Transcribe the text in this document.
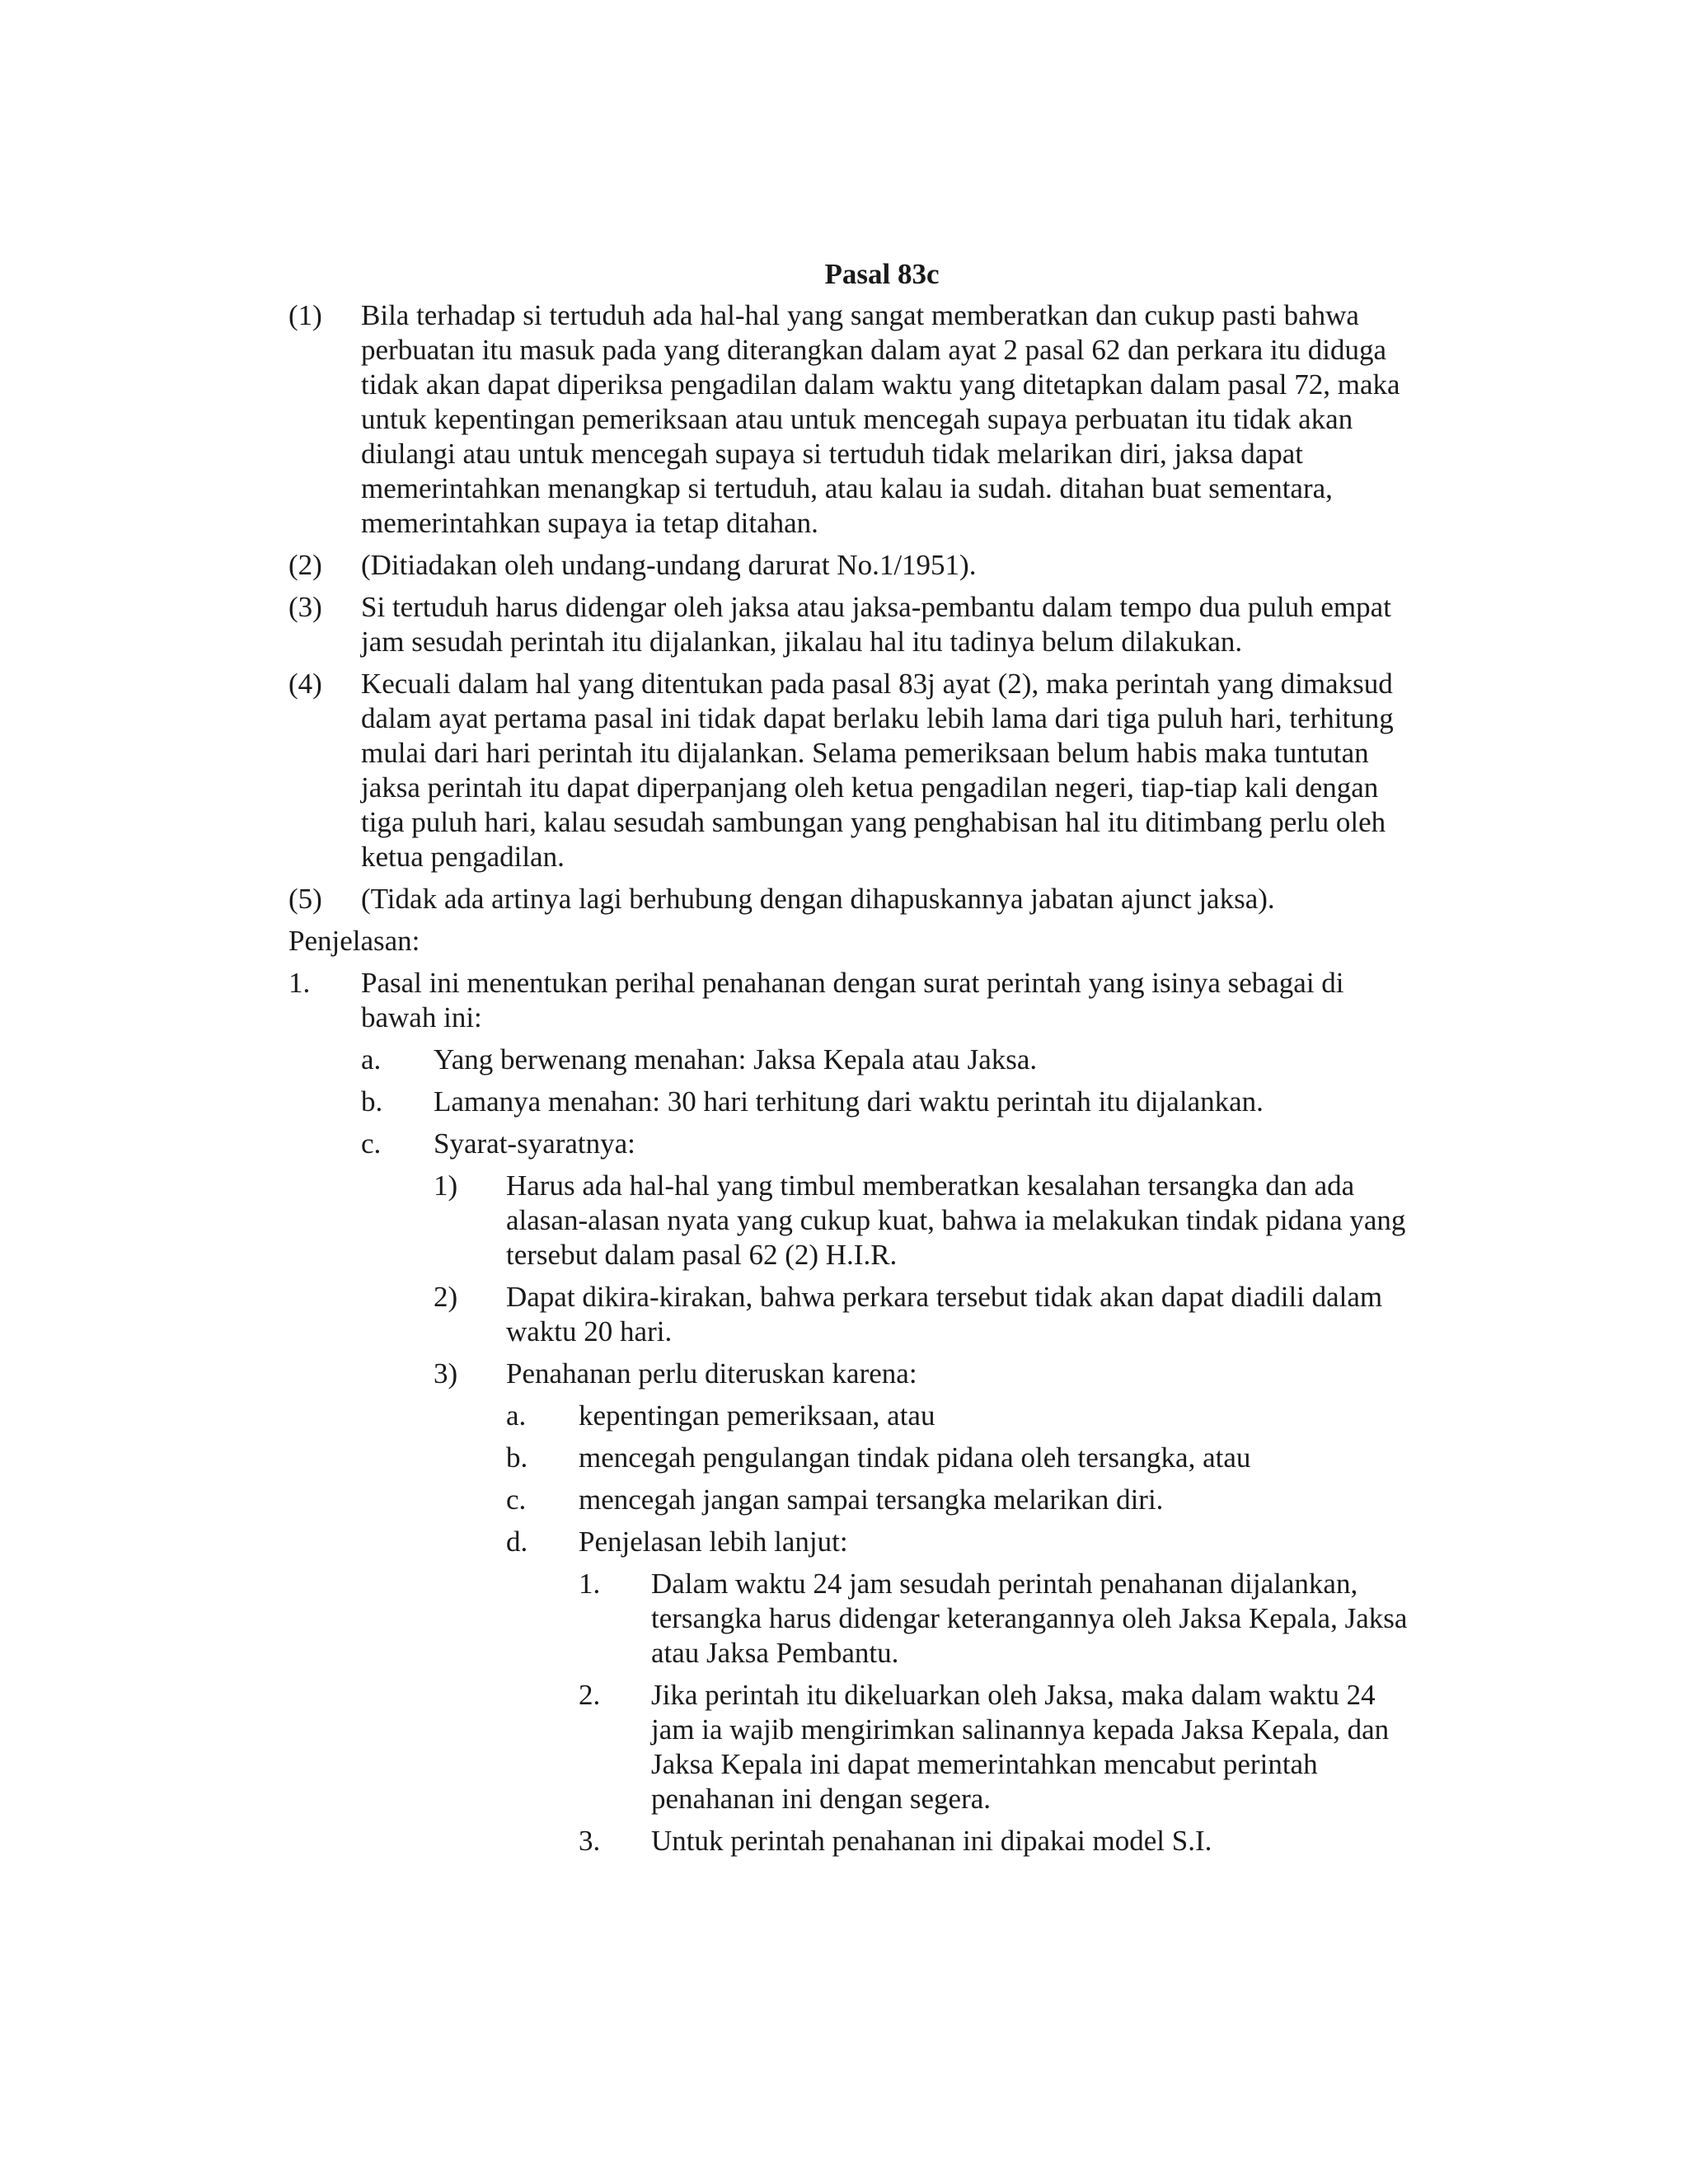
Pasal 83c
(1)	Bila terhadap si tertuduh ada hal-hal yang sangat memberatkan dan cukup pasti bahwa perbuatan itu masuk pada yang diterangkan dalam ayat 2 pasal 62 dan perkara itu diduga tidak akan dapat diperiksa pengadilan dalam waktu yang ditetapkan dalam pasal 72, maka untuk kepentingan pemeriksaan atau untuk mencegah supaya perbuatan itu tidak akan diulangi atau untuk mencegah supaya si tertuduh tidak melarikan diri, jaksa dapat memerintahkan menangkap si tertuduh, atau kalau ia sudah. ditahan buat sementara, memerintahkan supaya ia tetap ditahan.
(2)	(Ditiadakan oleh undang-undang darurat No.1/1951).
(3)	Si tertuduh harus didengar oleh jaksa atau jaksa-pembantu dalam tempo dua puluh empat jam sesudah perintah itu dijalankan, jikalau hal itu tadinya belum dilakukan.
(4)	Kecuali dalam hal yang ditentukan pada pasal 83j ayat (2), maka perintah yang dimaksud dalam ayat pertama pasal ini tidak dapat berlaku lebih lama dari tiga puluh hari, terhitung mulai dari hari perintah itu dijalankan. Selama pemeriksaan belum habis maka tuntutan jaksa perintah itu dapat diperpanjang oleh ketua pengadilan negeri, tiap-tiap kali dengan tiga puluh hari, kalau sesudah sambungan yang penghabisan hal itu ditimbang perlu oleh ketua pengadilan.
(5)	(Tidak ada artinya lagi berhubung dengan dihapuskannya jabatan ajunct jaksa).
Penjelasan:
1.	Pasal ini menentukan perihal penahanan dengan surat perintah yang isinya sebagai di bawah ini:
a.	Yang berwenang menahan: Jaksa Kepala atau Jaksa.
b.	Lamanya menahan: 30 hari terhitung dari waktu perintah itu dijalankan.
c.	Syarat-syaratnya:
1)	Harus ada hal-hal yang timbul memberatkan kesalahan tersangka dan ada alasan-alasan nyata yang cukup kuat, bahwa ia melakukan tindak pidana yang tersebut dalam pasal 62 (2) H.I.R.
2)	Dapat dikira-kirakan, bahwa perkara tersebut tidak akan dapat diadili dalam waktu 20 hari.
3)	Penahanan perlu diteruskan karena:
a.	kepentingan pemeriksaan, atau
b.	mencegah pengulangan tindak pidana oleh tersangka, atau
c.	mencegah jangan sampai tersangka melarikan diri.
d.	Penjelasan lebih lanjut:
1.	Dalam waktu 24 jam sesudah perintah penahanan dijalankan, tersangka harus didengar keterangannya oleh Jaksa Kepala, Jaksa atau Jaksa Pembantu.
2.	Jika perintah itu dikeluarkan oleh Jaksa, maka dalam waktu 24 jam ia wajib mengirimkan salinannya kepada Jaksa Kepala, dan Jaksa Kepala ini dapat memerintahkan mencabut perintah penahanan ini dengan segera.
3.	Untuk perintah penahanan ini dipakai model S.I.
